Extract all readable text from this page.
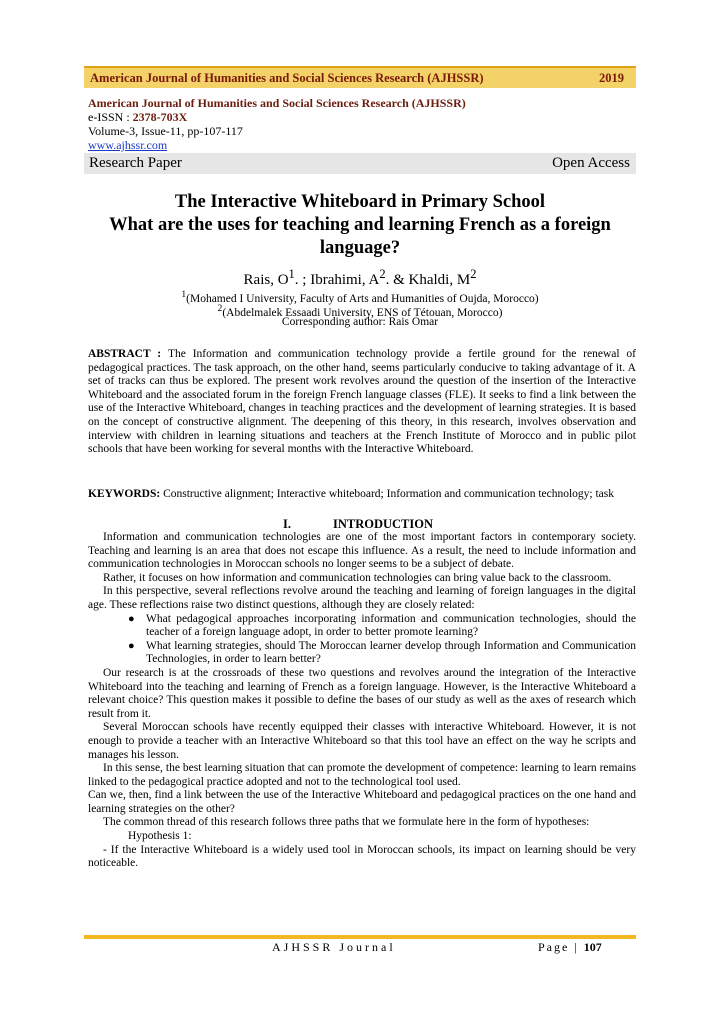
American Journal of Humanities and Social Sciences Research (AJHSSR)	2019
American Journal of Humanities and Social Sciences Research (AJHSSR)
e-ISSN : 2378-703X
Volume-3, Issue-11, pp-107-117
www.ajhssr.com
Research Paper	Open Access
The Interactive Whiteboard in Primary School
What are the uses for teaching and learning French as a foreign
language?
Rais, $O^1$. ; Ibrahimi, $A^2$. & Khaldi, $M^2$
$^1$(Mohamed I University, Faculty of Arts and Humanities of Oujda, Morocco)
$^2$(Abdelmalek Essaadi University, ENS of Tétouan, Morocco)
Corresponding author: Rais Omar
ABSTRACT : The Information and communication technology provide a fertile ground for the renewal of pedagogical practices. The task approach, on the other hand, seems particularly conducive to taking advantage of it. A set of tracks can thus be explored. The present work revolves around the question of the insertion of the Interactive Whiteboard and the associated forum in the foreign French language classes (FLE). It seeks to find a link between the use of the Interactive Whiteboard, changes in teaching practices and the development of learning strategies. It is based on the concept of constructive alignment. The deepening of this theory, in this research, involves observation and interview with children in learning situations and teachers at the French Institute of Morocco and in public pilot schools that have been working for several months with the Interactive Whiteboard.
KEYWORDS: Constructive alignment; Interactive whiteboard; Information and communication technology; task
I.	INTRODUCTION

Information and communication technologies are one of the most important factors in contemporary society. Teaching and learning is an area that does not escape this influence. As a result, the need to include information and communication technologies in Moroccan schools no longer seems to be a subject of debate.

Rather, it focuses on how information and communication technologies can bring value back to the classroom.

In this perspective, several reflections revolve around the teaching and learning of foreign languages in the digital age. These reflections raise two distinct questions, although they are closely related:

● What pedagogical approaches incorporating information and communication technologies, should the teacher of a foreign language adopt, in order to better promote learning?
● What learning strategies, should The Moroccan learner develop through Information and Communication Technologies, in order to learn better?

Our research is at the crossroads of these two questions and revolves around the integration of the Interactive Whiteboard into the teaching and learning of French as a foreign language. However, is the Interactive Whiteboard a relevant choice? This question makes it possible to define the bases of our study as well as the axes of research which result from it.

Several Moroccan schools have recently equipped their classes with interactive Whiteboard. However, it is not enough to provide a teacher with an Interactive Whiteboard so that this tool have an effect on the way he scripts and manages his lesson.

In this sense, the best learning situation that can promote the development of competence: learning to learn remains linked to the pedagogical practice adopted and not to the technological tool used.

Can we, then, find a link between the use of the Interactive Whiteboard and pedagogical practices on the one hand and learning strategies on the other?

The common thread of this research follows three paths that we formulate here in the form of hypotheses:

Hypothesis 1:

- If the Interactive Whiteboard is a widely used tool in Moroccan schools, its impact on learning should be very noticeable.

AJHSSR Journal	Page | 107
